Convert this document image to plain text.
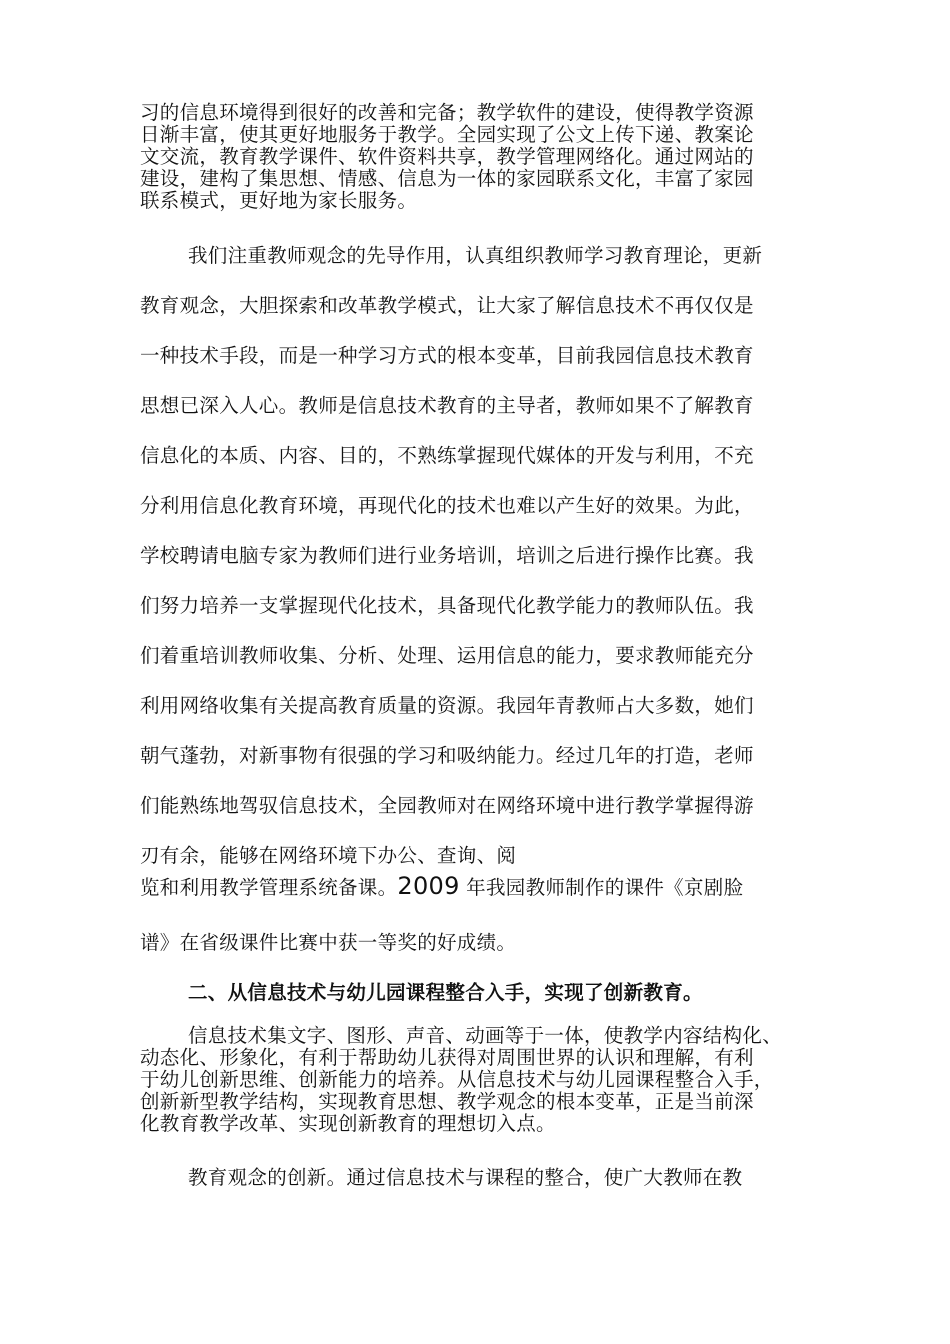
习的信息环境得到很好的改善和完备；教学软件的建设，使得教学资源

日渐丰富，使其更好地服务于教学。全园实现了公文上传下递、教案论

文交流，教育教学课件、软件资料共享，教学管理网络化。通过网站的

建设，建构了集思想、情感、信息为一体的家园联系文化，丰富了家园

联系模式，更好地为家长服务。

我们注重教师观念的先导作用，认真组织教师学习教育理论，更新

教育观念，大胆探索和改革教学模式，让大家了解信息技术不再仅仅是

一种技术手段，而是一种学习方式的根本变革，目前我园信息技术教育

思想已深入人心。教师是信息技术教育的主导者，教师如果不了解教育

信息化的本质、内容、目的，不熟练掌握现代媒体的开发与利用，不充

分利用信息化教育环境，再现代化的技术也难以产生好的效果。为此，

学校聘请电脑专家为教师们进行业务培训，培训之后进行操作比赛。我

们努力培养一支掌握现代化技术，具备现代化教学能力的教师队伍。我

们着重培训教师收集、分析、处理、运用信息的能力，要求教师能充分

利用网络收集有关提高教育质量的资源。我园年青教师占大多数，她们

朝气蓬勃，对新事物有很强的学习和吸纳能力。经过几年的打造，老师

们能熟练地驾驭信息技术，全园教师对在网络环境中进行教学掌握得游

刃有余，能够在网络环境下办公、查询、阅

览和利用教学管理系统备课。2009 年我园教师制作的课件《京剧脸
谱》在省级课件比赛中获一等奖的好成绩。

二、从信息技术与幼儿园课程整合入手，实现了创新教育。

信息技术集文字、图形、声音、动画等于一体，使教学内容结构化、

动态化、形象化，有利于帮助幼儿获得对周围世界的认识和理解，有利

于幼儿创新思维、创新能力的培养。从信息技术与幼儿园课程整合入手，

创新新型教学结构，实现教育思想、教学观念的根本变革，正是当前深

化教育教学改革、实现创新教育的理想切入点。

教育观念的创新。通过信息技术与课程的整合，使广大教师在教
